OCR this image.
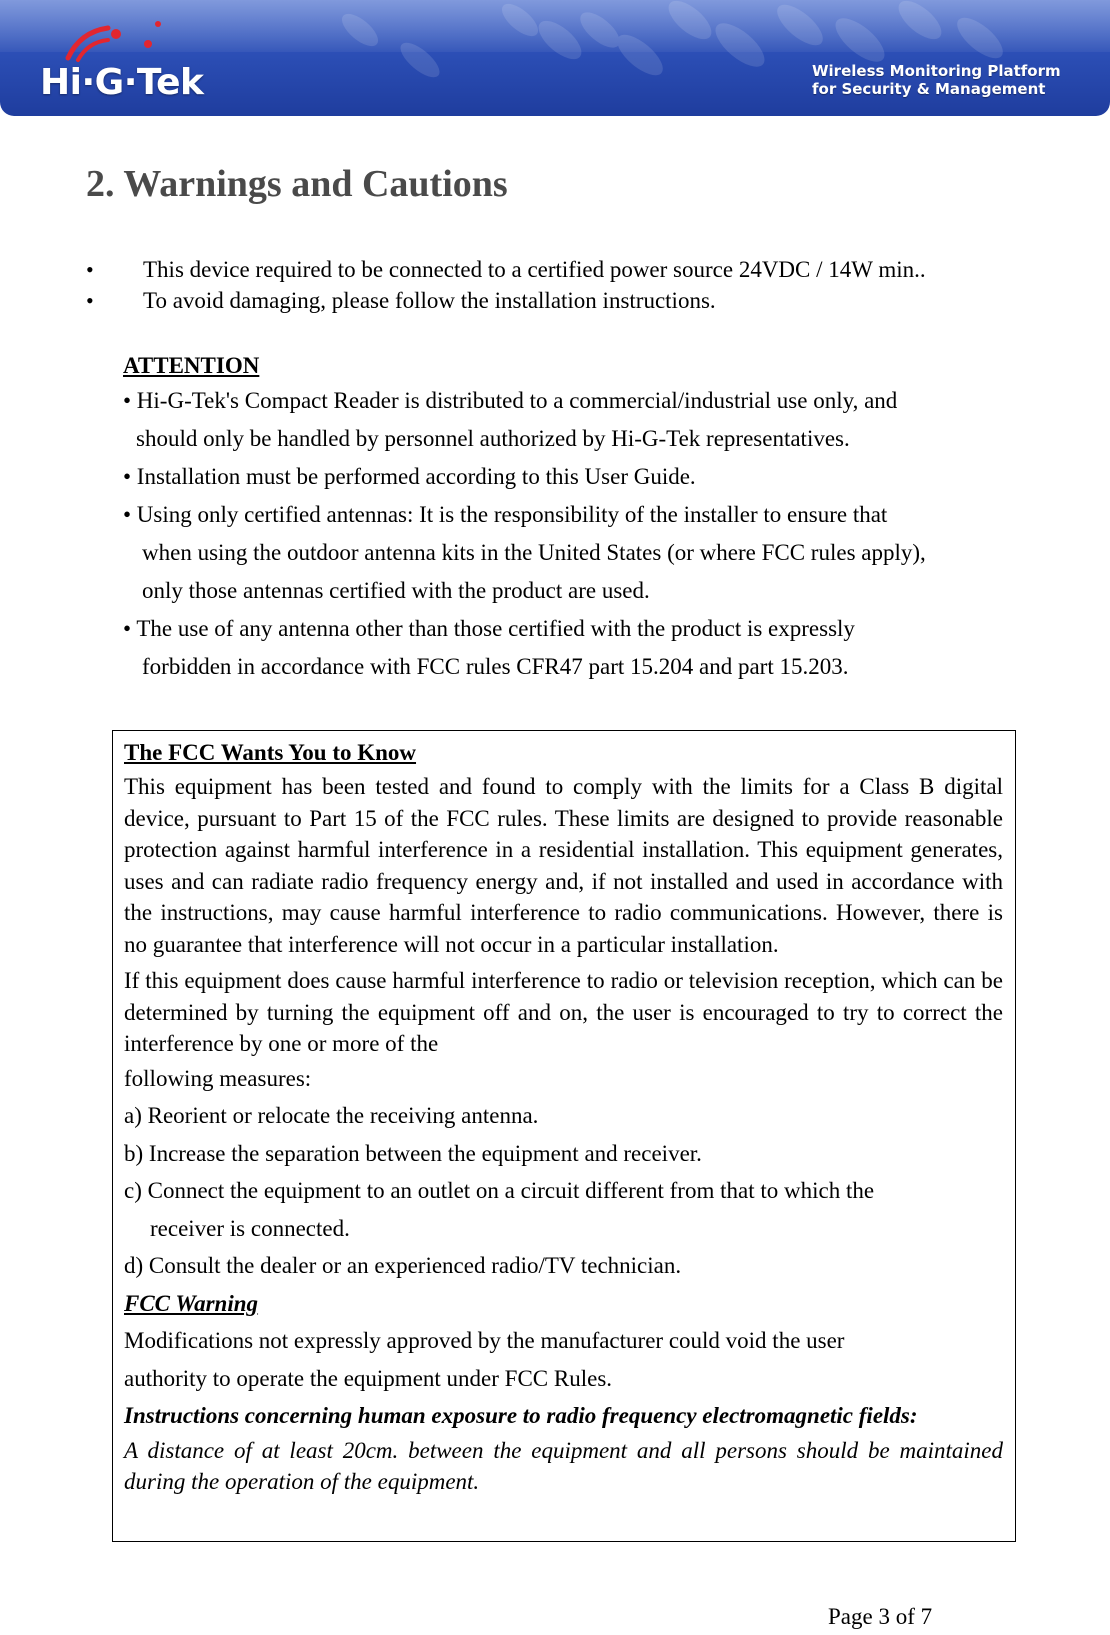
Hi·G·Tek	Wireless Monitoring Platform
for Security & Management
2. Warnings and Cautions
• This device required to be connected to a certified power source 24VDC / 14W min..
• To avoid damaging, please follow the installation instructions.
ATTENTION
• Hi-G-Tek's Compact Reader is distributed to a commercial/industrial use only, and
should only be handled by personnel authorized by Hi-G-Tek representatives.
• Installation must be performed according to this User Guide.
• Using only certified antennas: It is the responsibility of the installer to ensure that
when using the outdoor antenna kits in the United States (or where FCC rules apply),
only those antennas certified with the product are used.
• The use of any antenna other than those certified with the product is expressly
forbidden in accordance with FCC rules CFR47 part 15.204 and part 15.203.
The FCC Wants You to Know
This equipment has been tested and found to comply with the limits for a Class B digital device, pursuant to Part 15 of the FCC rules. These limits are designed to provide reasonable protection against harmful interference in a residential installation. This equipment generates, uses and can radiate radio frequency energy and, if not installed and used in accordance with the instructions, may cause harmful interference to radio communications. However, there is no guarantee that interference will not occur in a particular installation.
If this equipment does cause harmful interference to radio or television reception, which can be determined by turning the equipment off and on, the user is encouraged to try to correct the interference by one or more of the
following measures:
a) Reorient or relocate the receiving antenna.
b) Increase the separation between the equipment and receiver.
c) Connect the equipment to an outlet on a circuit different from that to which the
receiver is connected.
d) Consult the dealer or an experienced radio/TV technician.
FCC Warning
Modifications not expressly approved by the manufacturer could void the user
authority to operate the equipment under FCC Rules.
Instructions concerning human exposure to radio frequency electromagnetic fields:
A distance of at least 20cm. between the equipment and all persons should be maintained during the operation of the equipment.
Page 3 of 7
